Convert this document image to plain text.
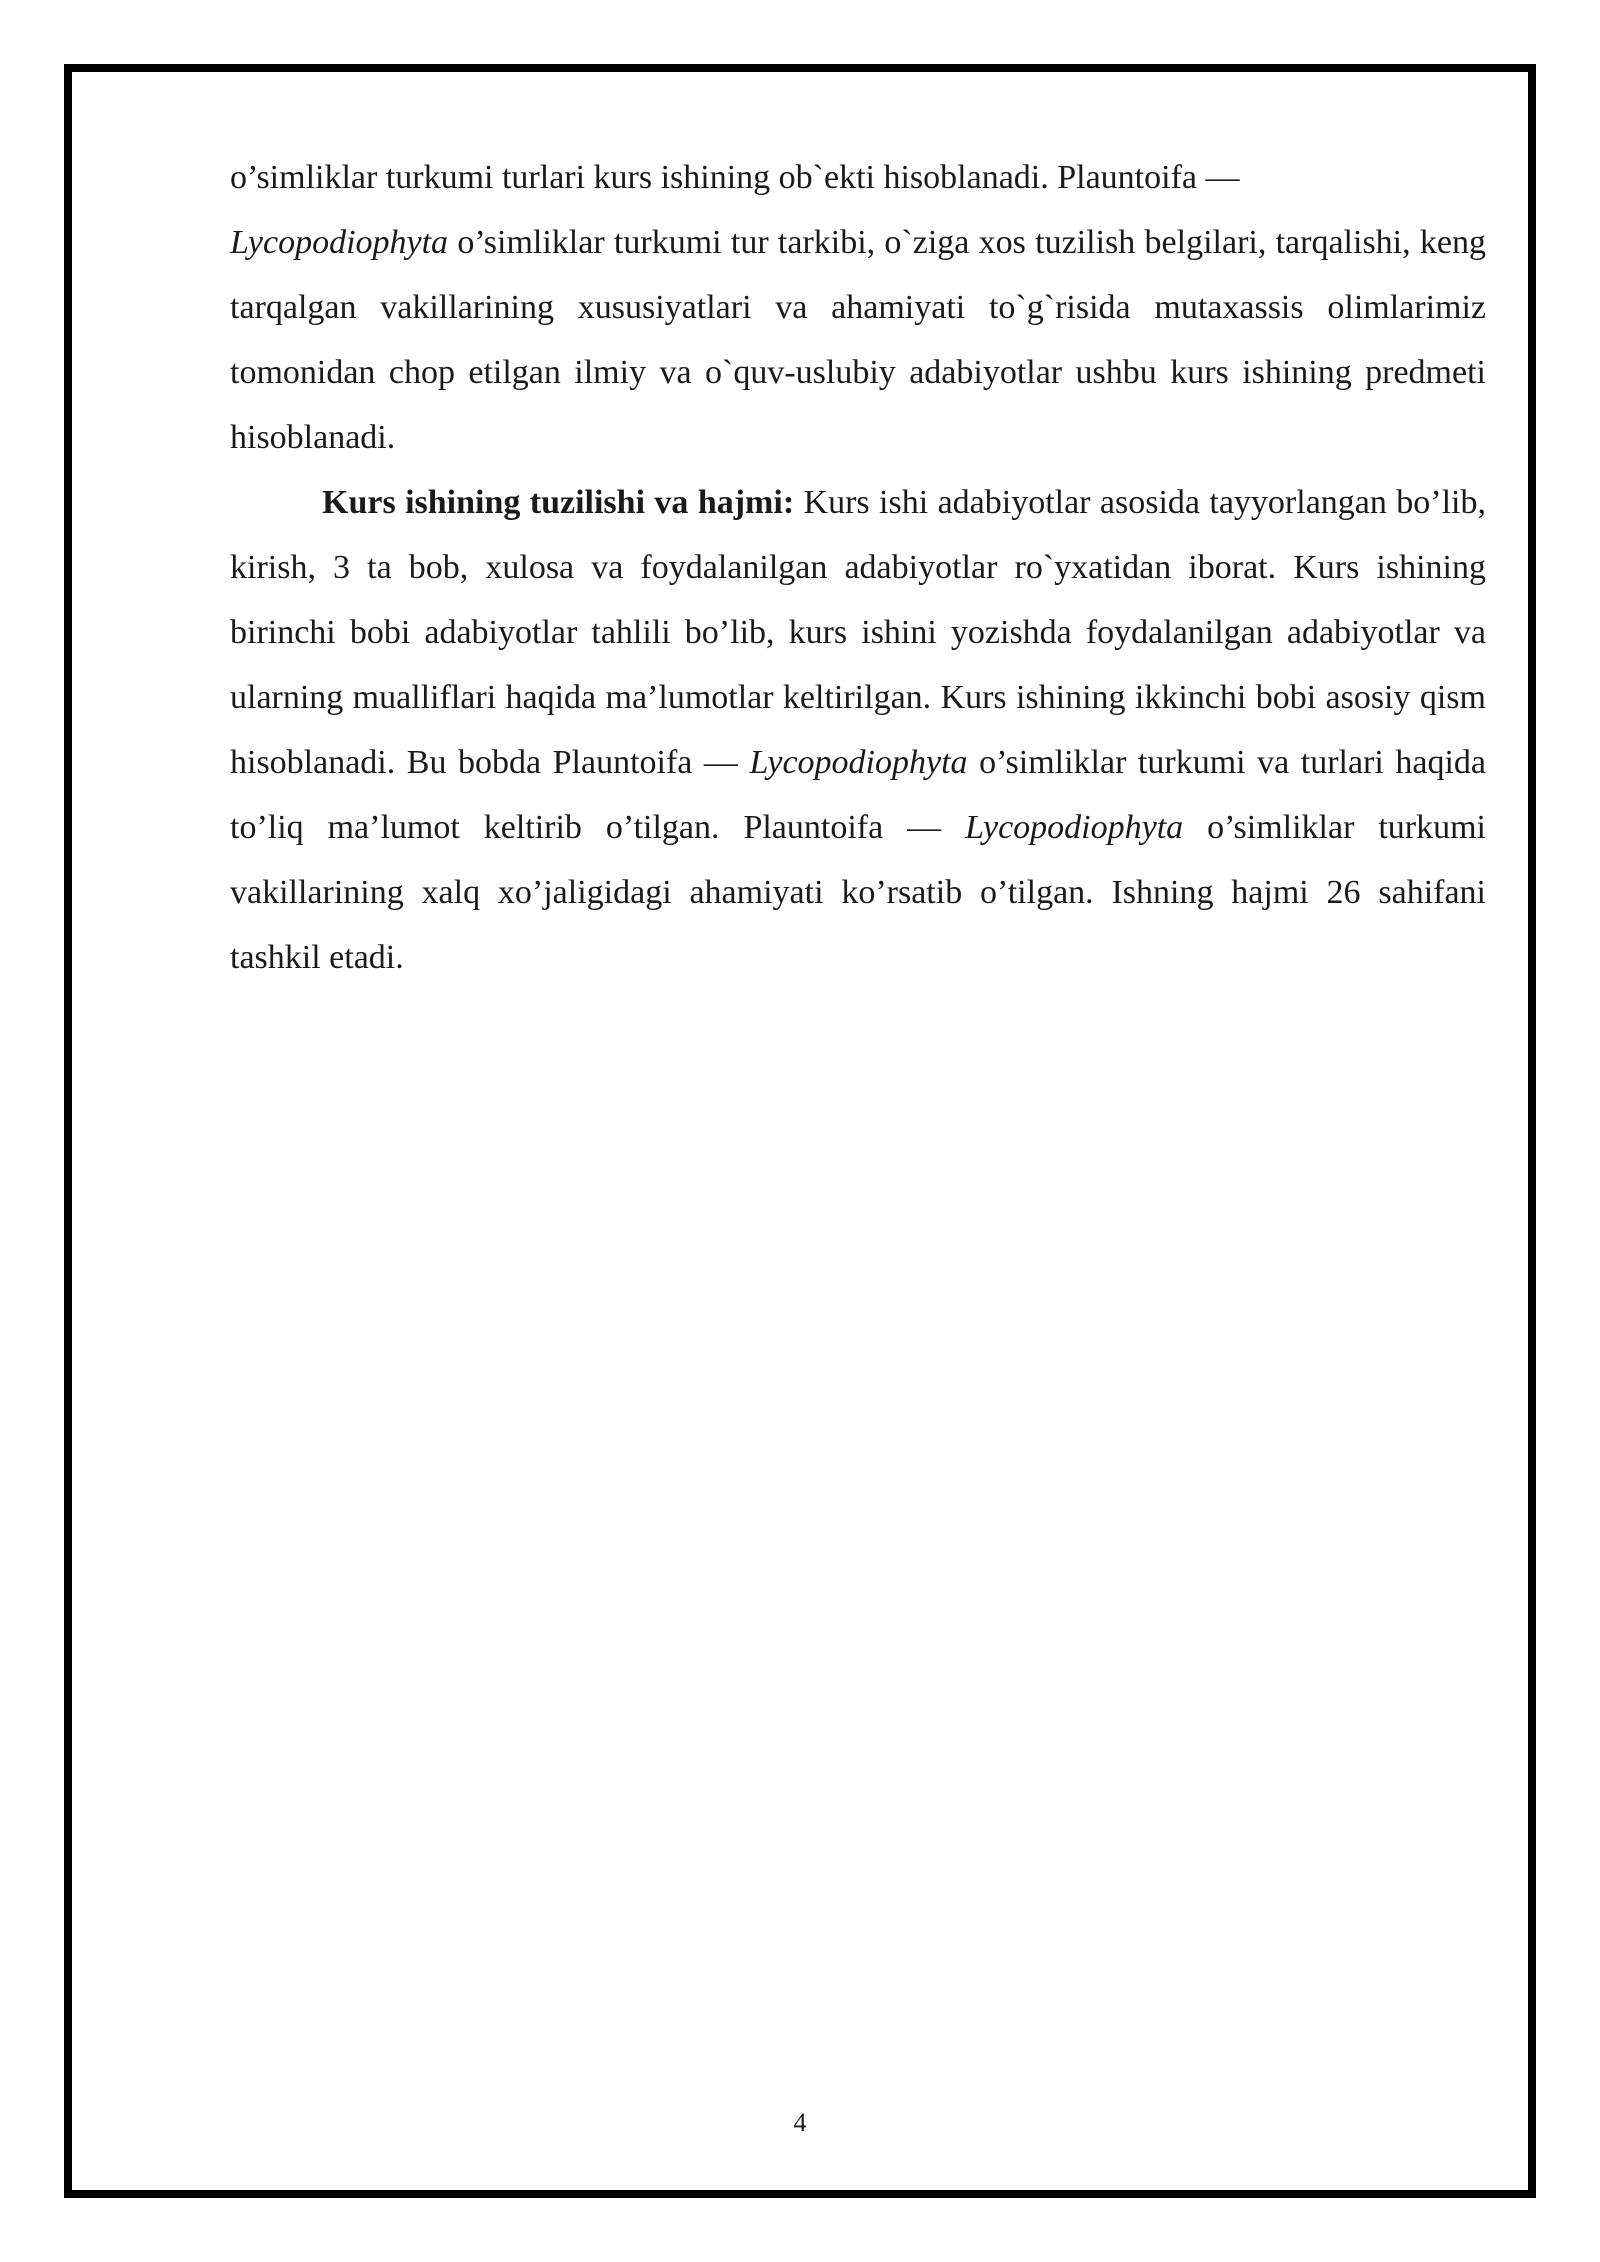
o’simliklar turkumi turlari kurs ishining ob`ekti hisoblanadi. Plauntoifa —
Lycopodiophyta o’simliklar turkumi tur tarkibi, o`ziga xos tuzilish belgilari, tarqalishi, keng tarqalgan vakillarining xususiyatlari va ahamiyati to`g`risida mutaxassis olimlarimiz tomonidan chop etilgan ilmiy va o`quv-uslubiy adabiyotlar ushbu kurs ishining predmeti hisoblanadi.

Kurs ishining tuzilishi va hajmi: Kurs ishi adabiyotlar asosida tayyorlangan bo’lib, kirish, 3 ta bob, xulosa va foydalanilgan adabiyotlar ro`yxatidan iborat. Kurs ishining birinchi bobi adabiyotlar tahlili bo’lib, kurs ishini yozishda foydalanilgan adabiyotlar va ularning mualliflari haqida ma’lumotlar keltirilgan. Kurs ishining ikkinchi bobi asosiy qism hisoblanadi. Bu bobda Plauntoifa — Lycopodiophyta o’simliklar turkumi va turlari haqida to’liq ma’lumot keltirib o’tilgan. Plauntoifa — Lycopodiophyta o’simliklar turkumi vakillarining xalq xo’jaligidagi ahamiyati ko’rsatib o’tilgan. Ishning hajmi 26 sahifani tashkil etadi.

4
